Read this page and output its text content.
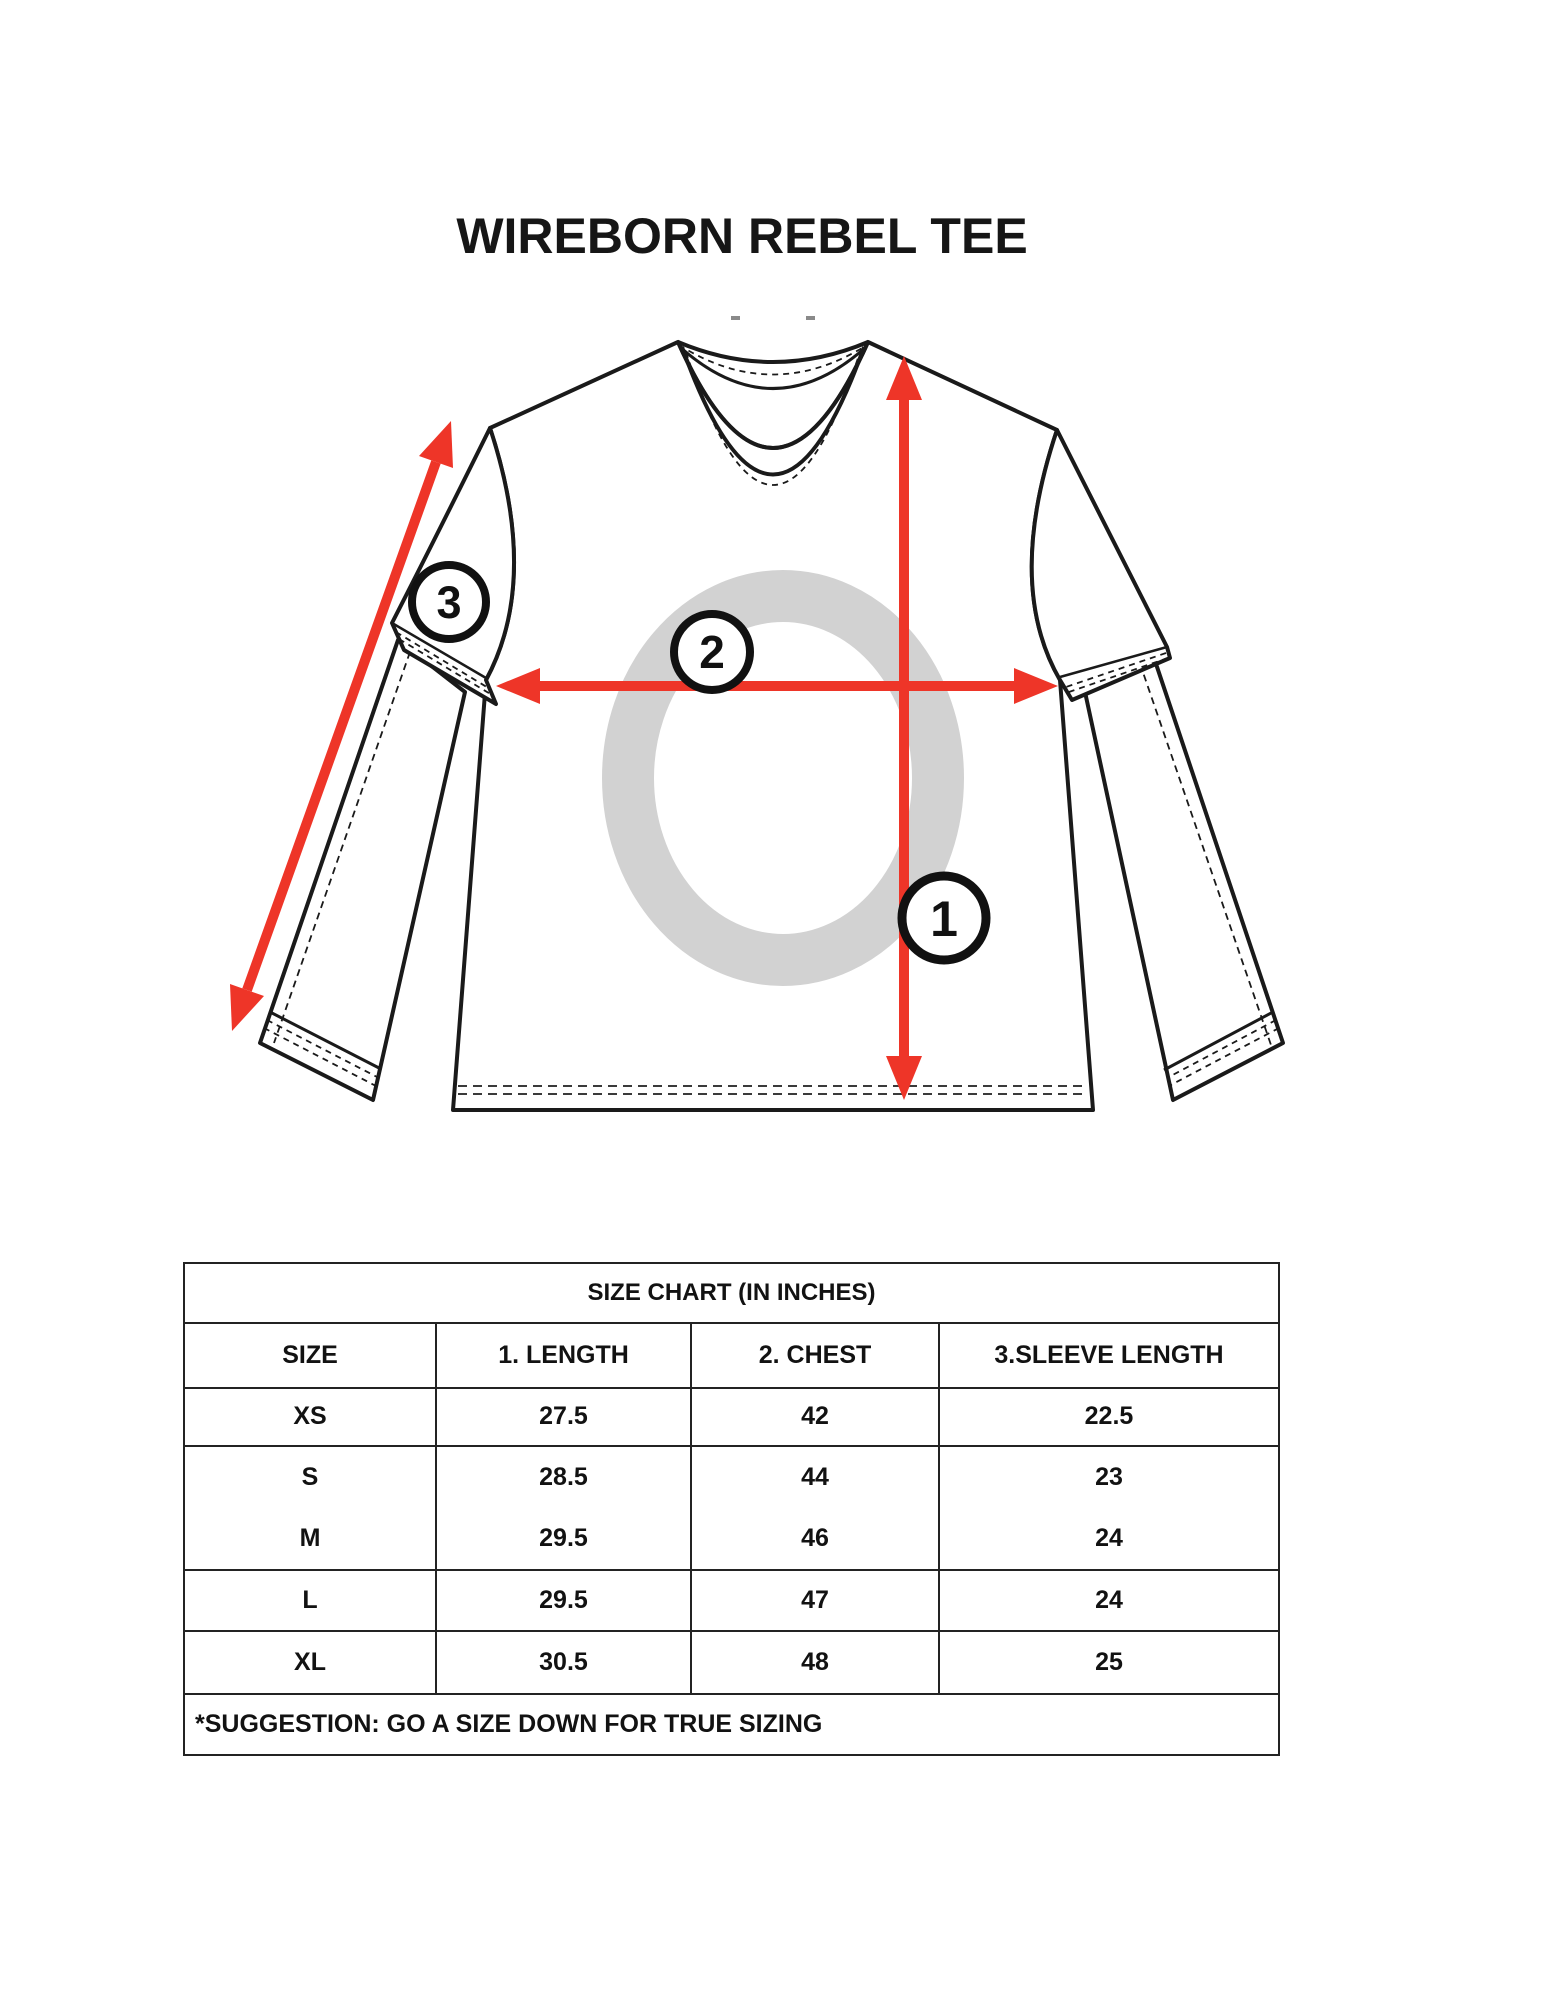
WIREBORN REBEL TEE
3
2
1
SIZE CHART (IN INCHES)			
SIZE	1. LENGTH	2. CHEST	3.SLEEVE LENGTH
XS	27.5	42	22.5
S	28.5	44	23
M	29.5	46	24
L	29.5	47	24
XL	30.5	48	25
*SUGGESTION: GO A SIZE DOWN FOR TRUE SIZING			
